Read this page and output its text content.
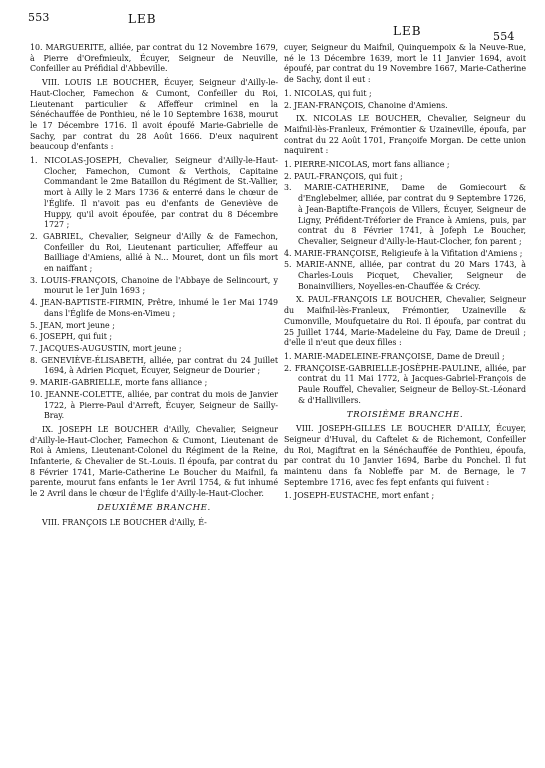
553	LEB
LEB	554

10. MARGUERITE, alliée, par contrat du 12 Novembre 1679, à Pierre d'Orefmieulx, Écuyer, Seigneur de Neuville, Confeiller au Préfidial d'Abbeville.

VIII. LOUIS LE BOUCHER, Écuyer, Seigneur d'Ailly-le-Haut-Clocher, Famechon & Cumont, Confeiller du Roi, Lieutenant particulier & Affeffeur criminel en la Sénéchauffée de Ponthieu, né le 10 Septembre 1638, mourut le 17 Décembre 1716. Il avoit époufé Marie-Gabrielle de Sachy, par contrat du 28 Août 1666. D'eux naquirent beaucoup d'enfants :

1. NICOLAS-JOSEPH, Chevalier, Seigneur d'Ailly-le-Haut-Clocher, Famechon, Cumont & Verthois, Capitaine Commandant le 2me Bataillon du Régiment de St.-Vallier, mort à Ailly le 2 Mars 1736 & enterré dans le chœur de l'Églife. Il n'avoit pas eu d'enfants de Geneviève de Huppy, qu'il avoit époufée, par contrat du 8 Décembre 1727 ;
2. GABRIEL, Chevalier, Seigneur d'Ailly & de Famechon, Confeiller du Roi, Lieutenant particulier, Affeffeur au Bailliage d'Amiens, allié à N... Mouret, dont un fils mort en naiffant ;
3. LOUIS-FRANÇOIS, Chanoine de l'Abbaye de Selincourt, y mourut le 1er Juin 1693 ;
4. JEAN-BAPTISTE-FIRMIN, Prêtre, inhumé le 1er Mai 1749 dans l'Églife de Mons-en-Vimeu ;
5. JEAN, mort jeune ;
6. JOSEPH, qui fuit ;
7. JACQUES-AUGUSTIN, mort jeune ;
8. GENEVIÈVE-ÉLISABETH, alliée, par contrat du 24 Juillet 1694, à Adrien Picquet, Écuyer, Seigneur de Dourier ;
9. MARIE-GABRIELLE, morte fans alliance ;
10. JEANNE-COLETTE, alliée, par contrat du mois de Janvier 1722, à Pierre-Paul d'Arreft, Écuyer, Seigneur de Sailly-Bray.

IX. JOSEPH LE BOUCHER d'Ailly, Chevalier, Seigneur d'Ailly-le-Haut-Clocher, Famechon & Cumont, Lieutenant de Roi à Amiens, Lieutenant-Colonel du Régiment de la Reine, Infanterie, & Chevalier de St.-Louis. Il époufa, par contrat du 8 Février 1741, Marie-Catherine Le Boucher du Maifnil, fa parente, mourut fans enfants le 1er Avril 1754, & fut inhumé le 2 Avril dans le chœur de l'Églife d'Ailly-le-Haut-Clocher.

DEUXIÈME BRANCHE.

VIII. FRANÇOIS LE BOUCHER d'Ailly, É-

cuyer, Seigneur du Maifnil, Quinquempoix & la Neuve-Rue, né le 13 Décembre 1639, mort le 11 Janvier 1694, avoit époufé, par contrat du 19 Novembre 1667, Marie-Catherine de Sachy, dont il eut :

1. NICOLAS, qui fuit ;
2. JEAN-FRANÇOIS, Chanoine d'Amiens.

IX. NICOLAS LE BOUCHER, Chevalier, Seigneur du Maifnil-lès-Franleux, Frémontier & Uzaineville, époufa, par contrat du 22 Août 1701, Françoife Morgan. De cette union naquirent :

1. PIERRE-NICOLAS, mort fans alliance ;
2. PAUL-FRANÇOIS, qui fuit ;
3. MARIE-CATHERINE, Dame de Gomiecourt & d'Englebelmer, alliée, par contrat du 9 Septembre 1726, à Jean-Baptifte-François de Villers, Écuyer, Seigneur de Ligny, Préfident-Tréforier de France à Amiens, puis, par contrat du 8 Février 1741, à Jofeph Le Boucher, Chevalier, Seigneur d'Ailly-le-Haut-Clocher, fon parent ;
4. MARIE-FRANÇOISE, Religieufe à la Vifitation d'Amiens ;
5. MARIE-ANNE, alliée, par contrat du 20 Mars 1743, à Charles-Louis Picquet, Chevalier, Seigneur de Bonainvilliers, Noyelles-en-Chauffée & Crécy.

X. PAUL-FRANÇOIS LE BOUCHER, Chevalier, Seigneur du Maifnil-lès-Franleux, Frémontier, Uzaineville & Cumonville, Moufquetaire du Roi. Il époufa, par contrat du 25 Juillet 1744, Marie-Madeleine du Fay, Dame de Dreuil ; d'elle il n'eut que deux filles :

1. MARIE-MADELEINE-FRANÇOISE, Dame de Dreuil ;
2. FRANÇOISE-GABRIELLE-JOSÈPHE-PAULINE, alliée, par contrat du 11 Mai 1772, à Jacques-Gabriel-François de Paule Rouffel, Chevalier, Seigneur de Belloy-St.-Léonard & d'Hallivillers.
TROISIÈME BRANCHE.

VIII. JOSEPH-GILLES LE BOUCHER D'AILLY, Écuyer, Seigneur d'Huval, du Caftelet & de Richemont, Confeiller du Roi, Magiftrat en la Sénéchauffée de Ponthieu, époufa, par contrat du 10 Janvier 1694, Barbe du Ponchel. Il fut maintenu dans fa Nobleffe par M. de Bernage, le 7 Septembre 1716, avec fes fept enfants qui fuivent :

1. JOSEPH-EUSTACHE, mort enfant ;
